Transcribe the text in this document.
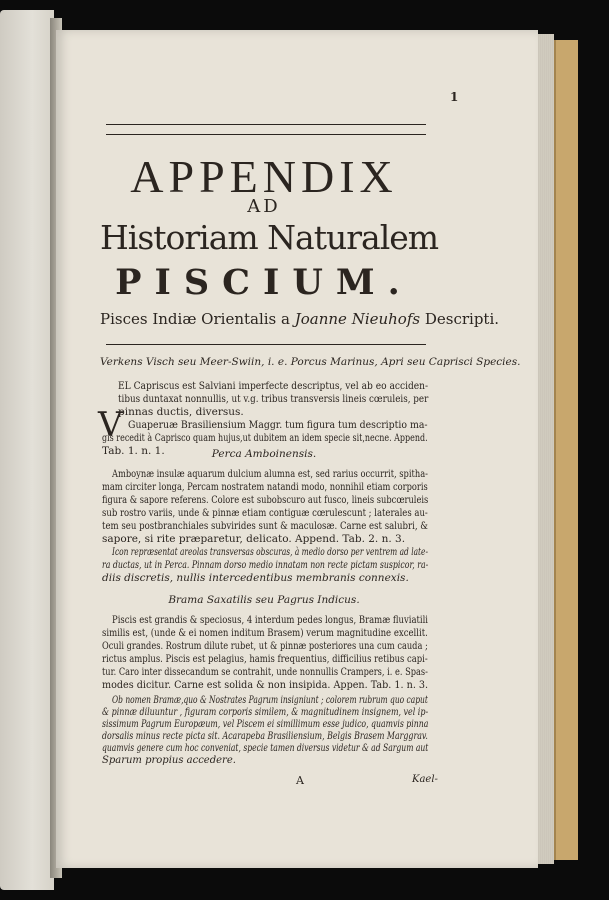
1

APPENDIX

AD

Historiam Naturalem

PISCIUM.

Pisces Indiæ Orientalis a Joanne Nieuhofs Descripti.

Verkens Visch seu Meer-Swiin, i. e. Porcus Marinus, Apri seu Caprisci Species.

V

EL Capriscus est Salviani imperfecte descriptus, vel ab eo acciden-

tibus duntaxat nonnullis, ut v.g. tribus transversis lineis cœruleis, per

pinnas ductis, diversus.

Guaperuæ Brasiliensium Maggr. tum figura tum descriptio ma-

gis recedit à Caprisco quam hujus,ut dubitem an idem specie sit,necne. Append.

Tab. 1. n. 1.	Perca Amboinensis.

Amboynæ insulæ aquarum dulcium alumna est, sed rarius occurrit, spitha-

mam circiter longa, Percam nostratem natandi modo, nonnihil etiam corporis

figura & sapore referens. Colore est subobscuro aut fusco, lineis subcœruleis

sub rostro variis, unde & pinnæ etiam contiguæ cœrulescunt ; laterales au-

tem seu postbranchiales subvirides sunt & maculosæ. Carne est salubri, &

sapore, si rite præparetur, delicato. Append. Tab. 2. n. 3.

Icon repræsentat areolas transversas obscuras, à medio dorso per ventrem ad late-

ra ductas, ut in Perca. Pinnam dorso medio innatam non recte pictam suspicor, ra-

diis discretis, nullis intercedentibus membranis connexis.

Brama Saxatilis seu Pagrus Indicus.

Piscis est grandis & speciosus, 4 interdum pedes longus, Bramæ fluviatili

similis est, (unde & ei nomen inditum Brasem) verum magnitudine excellit.

Oculi grandes. Rostrum dilute rubet, ut & pinnæ posteriores una cum cauda ;

rictus amplus. Piscis est pelagius, hamis frequentius, difficilius retibus capi-

tur. Caro inter dissecandum se contrahit, unde nonnullis Crampers, i. e. Spas-

modes dicitur. Carne est solida & non insipida. Appen. Tab. 1. n. 3.

Ob nomen Bramæ,quo & Nostrates Pagrum insigniunt ; colorem rubrum quo caput

& pinnæ diluuntur , figuram corporis similem, & magnitudinem insignem, vel ip-

sissimum Pagrum Europæum, vel Piscem ei simillimum esse judico, quamvis pinna

dorsalis minus recte picta sit. Acarapeba Brasiliensium, Belgis Brasem Marggrav.

quamvis genere cum hoc conveniat, specie tamen diversus videtur & ad Sargum aut

Sparum propius accedere.

A	Kael-
